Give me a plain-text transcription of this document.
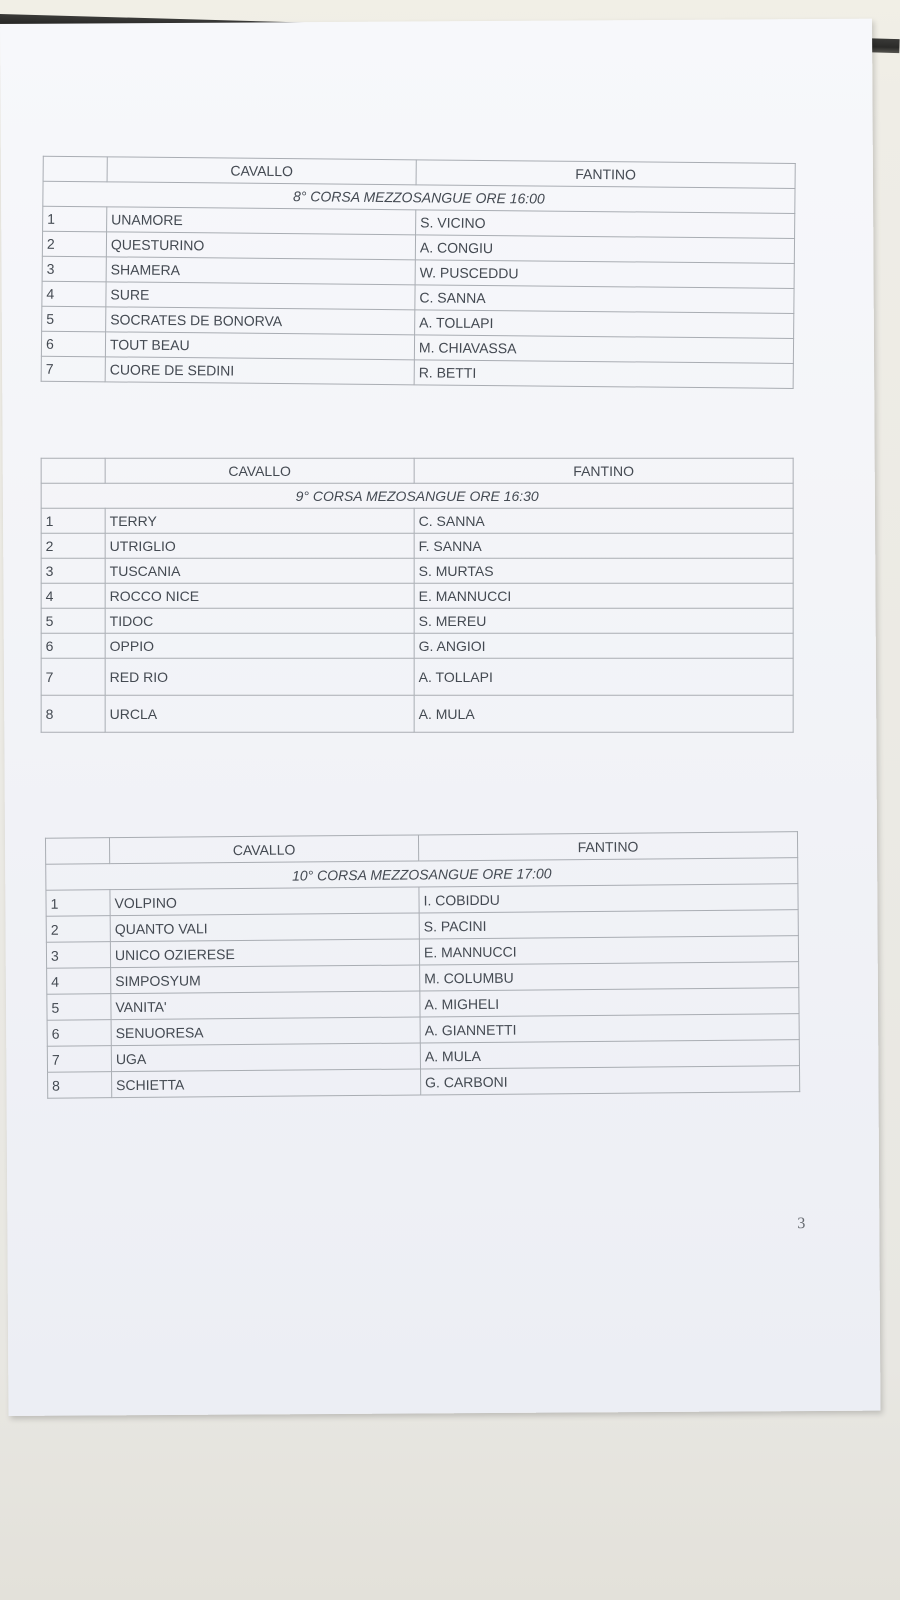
	CAVALLO	FANTINO
8° CORSA MEZZOSANGUE ORE 16:00		
1	UNAMORE	S. VICINO
2	QUESTURINO	A. CONGIU
3	SHAMERA	W. PUSCEDDU
4	SURE	C. SANNA
5	SOCRATES DE BONORVA	A. TOLLAPI
6	TOUT BEAU	M. CHIAVASSA
7	CUORE DE SEDINI	R. BETTI
	CAVALLO	FANTINO
9° CORSA MEZOSANGUE ORE 16:30		
1	TERRY	C. SANNA
2	UTRIGLIO	F. SANNA
3	TUSCANIA	S. MURTAS
4	ROCCO NICE	E. MANNUCCI
5	TIDOC	S. MEREU
6	OPPIO	G. ANGIOI
7	RED RIO	A. TOLLAPI
8	URCLA	A. MULA
	CAVALLO	FANTINO
10° CORSA MEZZOSANGUE ORE 17:00		
1	VOLPINO	I. COBIDDU
2	QUANTO VALI	S. PACINI
3	UNICO OZIERESE	E. MANNUCCI
4	SIMPOSYUM	M. COLUMBU
5	VANITA'	A. MIGHELI
6	SENUORESA	A. GIANNETTI
7	UGA	A. MULA
8	SCHIETTA	G. CARBONI
3
